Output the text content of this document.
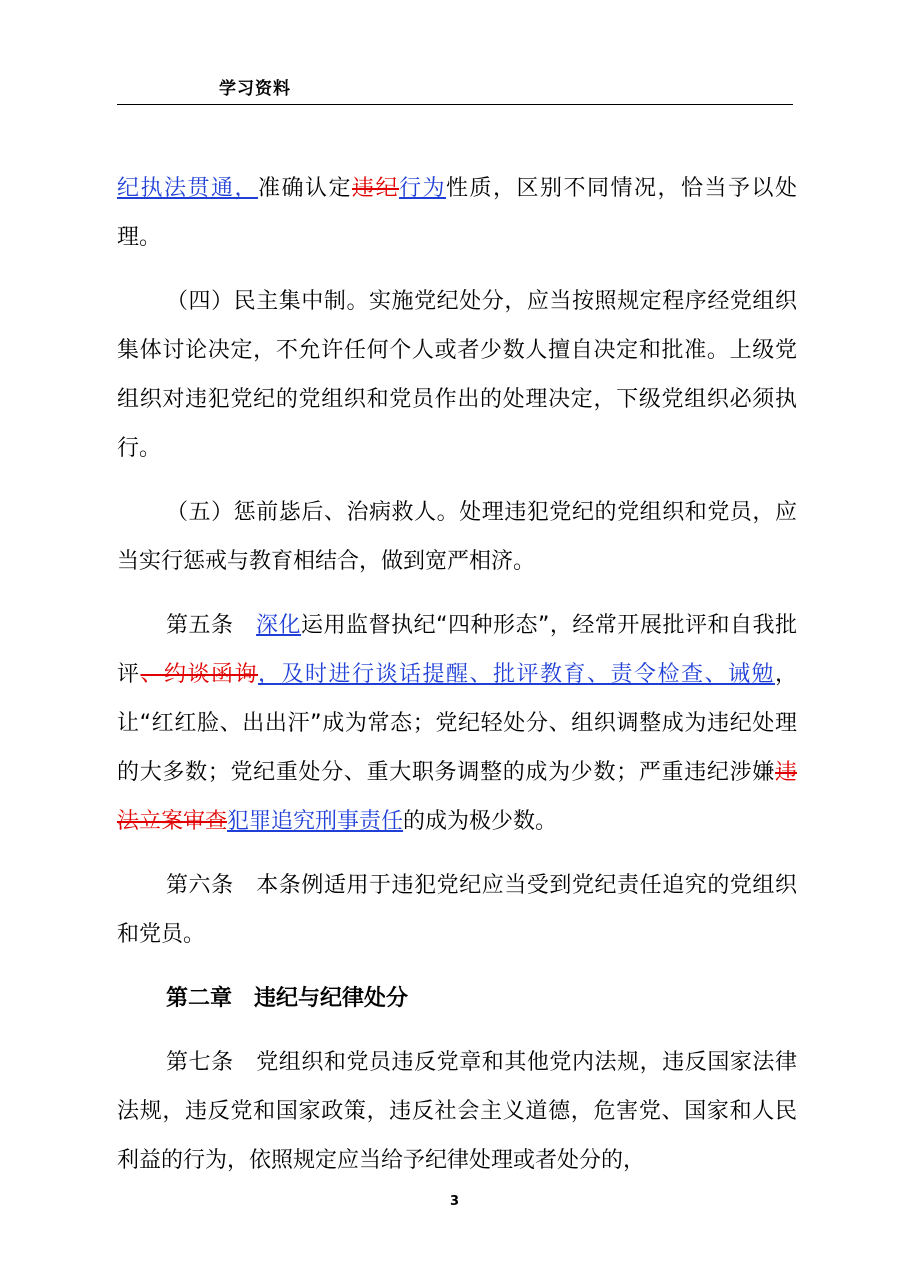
学习资料

纪执法贯通，准确认定违纪行为性质，区别不同情况，恰当予以处理。

（四）民主集中制。实施党纪处分，应当按照规定程序经党组织集体讨论决定，不允许任何个人或者少数人擅自决定和批准。上级党组织对违犯党纪的党组织和党员作出的处理决定，下级党组织必须执行。

（五）惩前毖后、治病救人。处理违犯党纪的党组织和党员，应当实行惩戒与教育相结合，做到宽严相济。

第五条　深化运用监督执纪“四种形态”，经常开展批评和自我批评、约谈函询，及时进行谈话提醒、批评教育、责令检查、诫勉，让“红红脸、出出汗”成为常态；党纪轻处分、组织调整成为违纪处理的大多数；党纪重处分、重大职务调整的成为少数；严重违纪涉嫌违法立案审查犯罪追究刑事责任的成为极少数。

第六条　本条例适用于违犯党纪应当受到党纪责任追究的党组织和党员。

第二章　违纪与纪律处分

第七条　党组织和党员违反党章和其他党内法规，违反国家法律法规，违反党和国家政策，违反社会主义道德，危害党、国家和人民利益的行为，依照规定应当给予纪律处理或者处分的，

3
